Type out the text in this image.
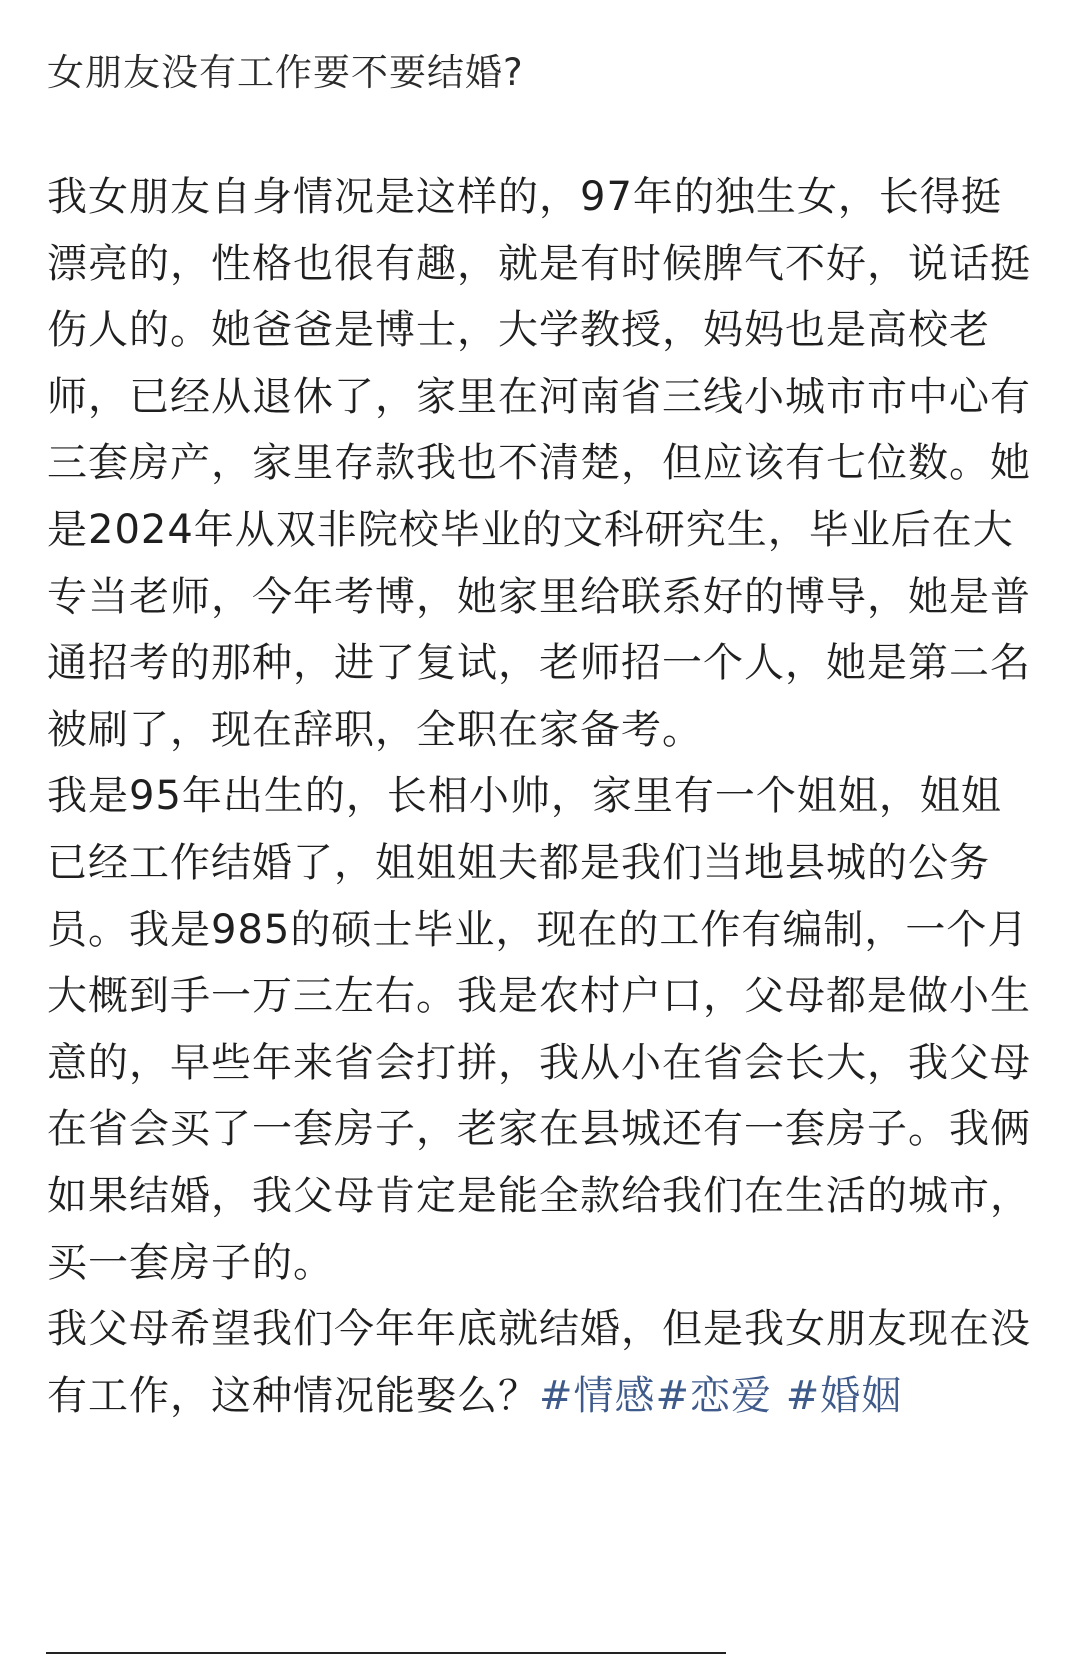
女朋友没有工作要不要结婚?

我女朋友自身情况是这样的，97年的独生女，长得挺漂亮的，性格也很有趣，就是有时候脾气不好，说话挺伤人的。她爸爸是博士，大学教授，妈妈也是高校老师，已经从退休了，家里在河南省三线小城市市中心有三套房产，家里存款我也不清楚，但应该有七位数。她是2024年从双非院校毕业的文科研究生，毕业后在大专当老师，今年考博，她家里给联系好的博导，她是普通招考的那种，进了复试，老师招一个人，她是第二名被刷了，现在辞职，全职在家备考。
我是95年出生的，长相小帅，家里有一个姐姐，姐姐已经工作结婚了，姐姐姐夫都是我们当地县城的公务员。我是985的硕士毕业，现在的工作有编制，一个月大概到手一万三左右。我是农村户口，父母都是做小生意的，早些年来省会打拼，我从小在省会长大，我父母在省会买了一套房子，老家在县城还有一套房子。我俩如果结婚，我父母肯定是能全款给我们在生活的城市，买一套房子的。
我父母希望我们今年年底就结婚，但是我女朋友现在没有工作，这种情况能娶么？#情感#恋爱 #婚姻
